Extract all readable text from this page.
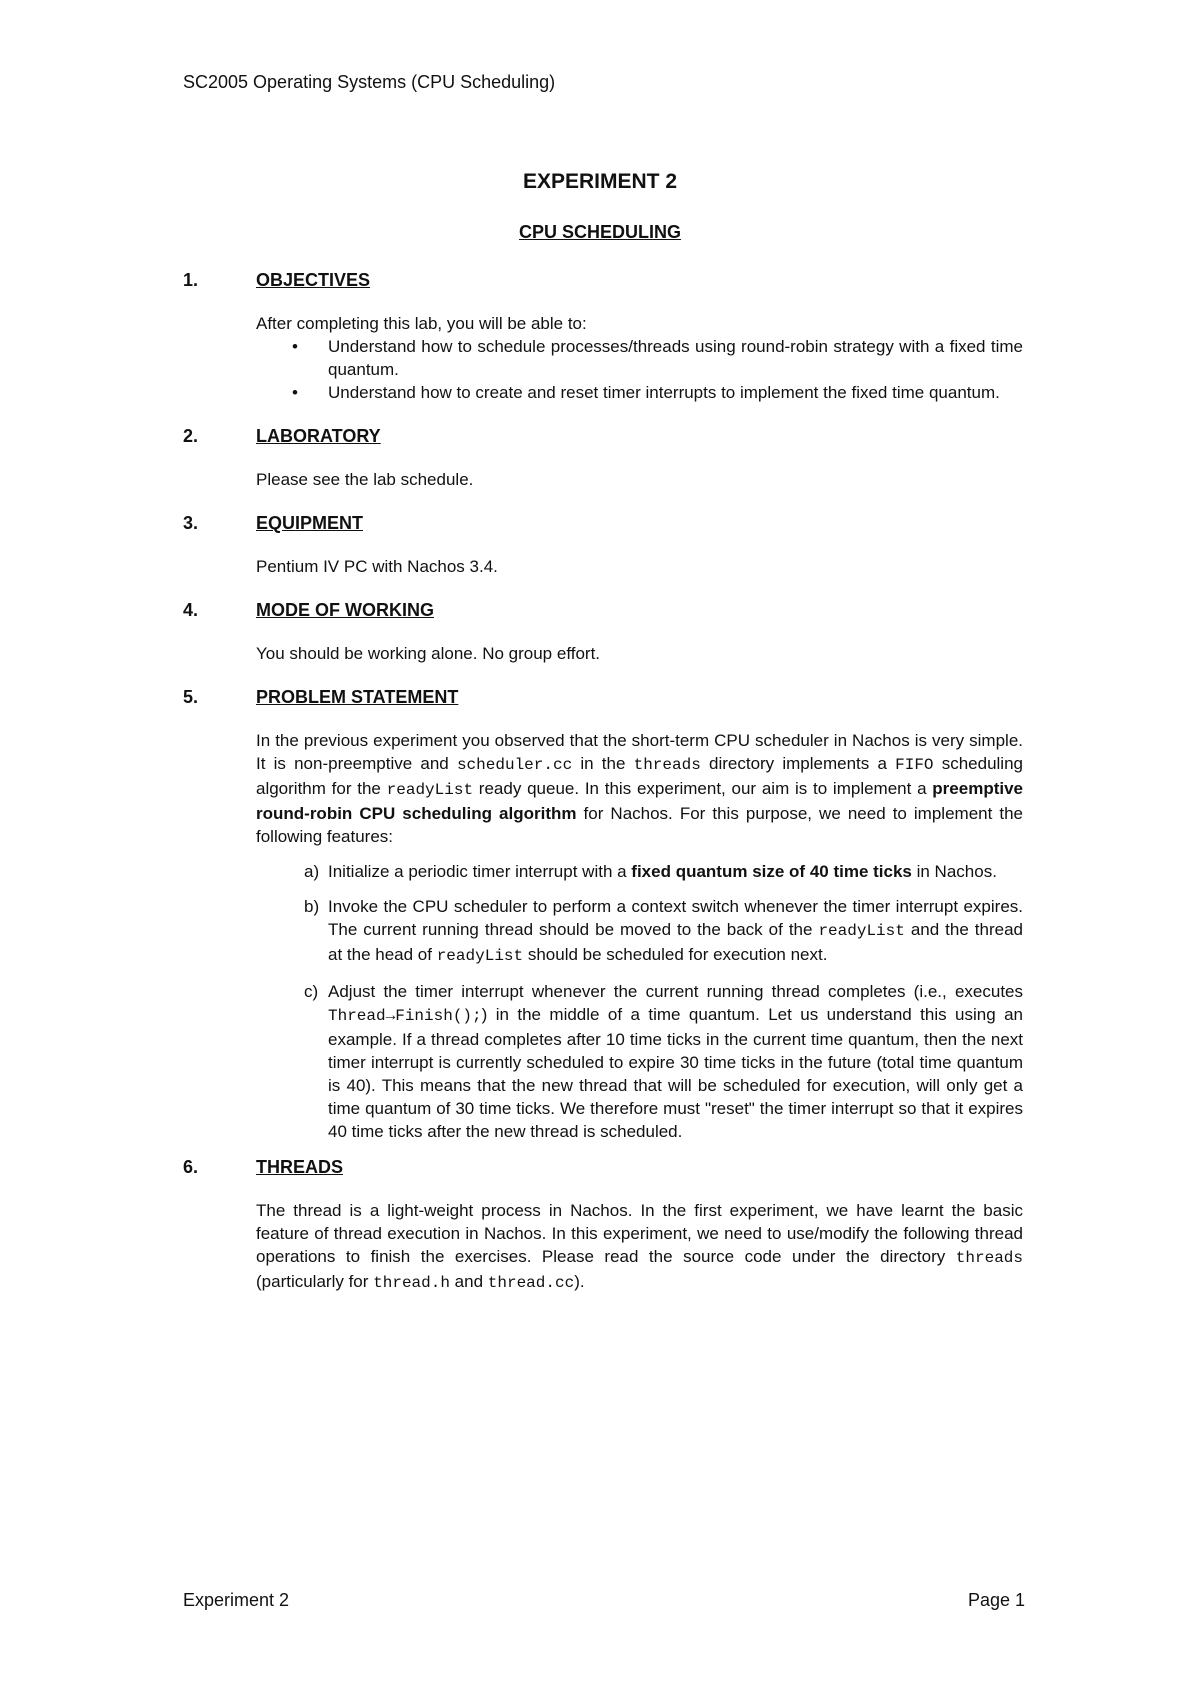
SC2005 Operating Systems (CPU Scheduling)
EXPERIMENT 2
CPU SCHEDULING
1.	OBJECTIVES
After completing this lab, you will be able to:
• Understand how to schedule processes/threads using round-robin strategy with a fixed time quantum.
• Understand how to create and reset timer interrupts to implement the fixed time quantum.
2.	LABORATORY
Please see the lab schedule.
3.	EQUIPMENT
Pentium IV PC with Nachos 3.4.
4.	MODE OF WORKING
You should be working alone. No group effort.
5.	PROBLEM STATEMENT

In the previous experiment you observed that the short-term CPU scheduler in Nachos is very simple. It is non-preemptive and scheduler.cc in the threads directory implements a FIFO scheduling algorithm for the readyList ready queue. In this experiment, our aim is to implement a preemptive round-robin CPU scheduling algorithm for Nachos. For this purpose, we need to implement the following features:

a) Initialize a periodic timer interrupt with a fixed quantum size of 40 time ticks in Nachos.
b) Invoke the CPU scheduler to perform a context switch whenever the timer interrupt expires. The current running thread should be moved to the back of the readyList and the thread at the head of readyList should be scheduled for execution next.
c) Adjust the timer interrupt whenever the current running thread completes (i.e., executes Thread→Finish();) in the middle of a time quantum. Let us understand this using an example. If a thread completes after 10 time ticks in the current time quantum, then the next timer interrupt is currently scheduled to expire 30 time ticks in the future (total time quantum is 40). This means that the new thread that will be scheduled for execution, will only get a time quantum of 30 time ticks. We therefore must "reset" the timer interrupt so that it expires 40 time ticks after the new thread is scheduled.
6.	THREADS

The thread is a light-weight process in Nachos. In the first experiment, we have learnt the basic feature of thread execution in Nachos. In this experiment, we need to use/modify the following thread operations to finish the exercises. Please read the source code under the directory threads (particularly for thread.h and thread.cc).

Experiment 2	Page 1
